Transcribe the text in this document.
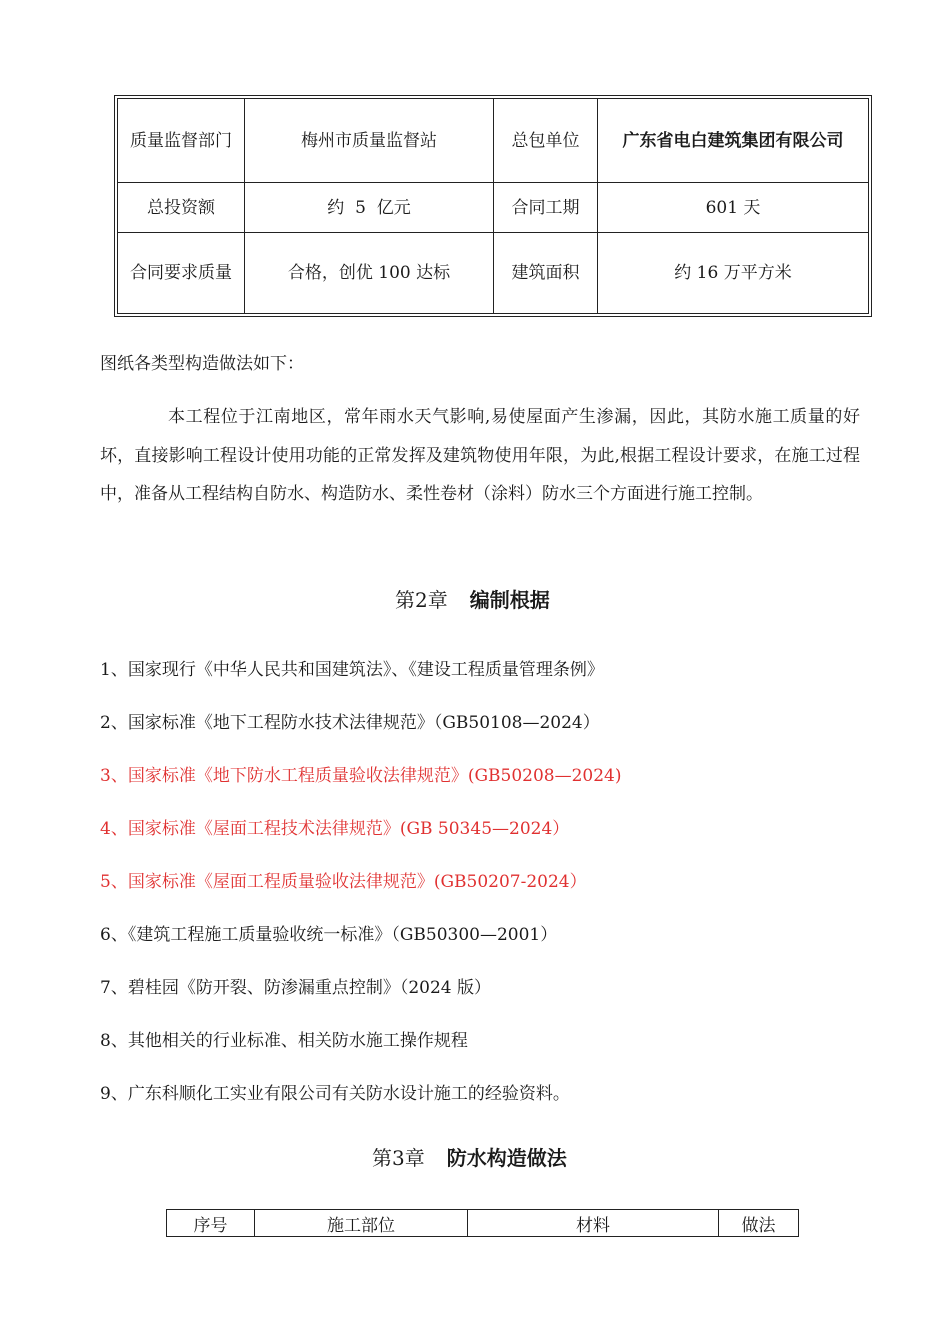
质量监督部门	梅州市质量监督站	总包单位	广东省电白建筑集团有限公司
总投资额	约  5  亿元	合同工期	601 天
合同要求质量	合格，创优 100 达标	建筑面积	约 16 万平方米

图纸各类型构造做法如下：

本工程位于江南地区，常年雨水天气影响,易使屋面产生渗漏，因此，其防水施工质量的好坏，直接影响工程设计使用功能的正常发挥及建筑物使用年限，为此,根据工程设计要求，在施工过程中，准备从工程结构自防水、构造防水、柔性卷材（涂料）防水三个方面进行施工控制。

第2章 编制根据

1、国家现行《中华人民共和国建筑法》、《建设工程质量管理条例》

2、国家标准《地下工程防水技术法律规范》（GB50108—2024）

3、国家标准《地下防水工程质量验收法律规范》(GB50208—2024)

4、国家标准《屋面工程技术法律规范》(GB 50345—2024）

5、国家标准《屋面工程质量验收法律规范》(GB50207-2024）

6、《建筑工程施工质量验收统一标准》（GB50300—2001）

7、碧桂园《防开裂、防渗漏重点控制》（2024 版）

8、其他相关的行业标准、相关防水施工操作规程

9、广东科顺化工实业有限公司有关防水设计施工的经验资料。

第3章 防水构造做法
序号	施工部位	材料	做法
